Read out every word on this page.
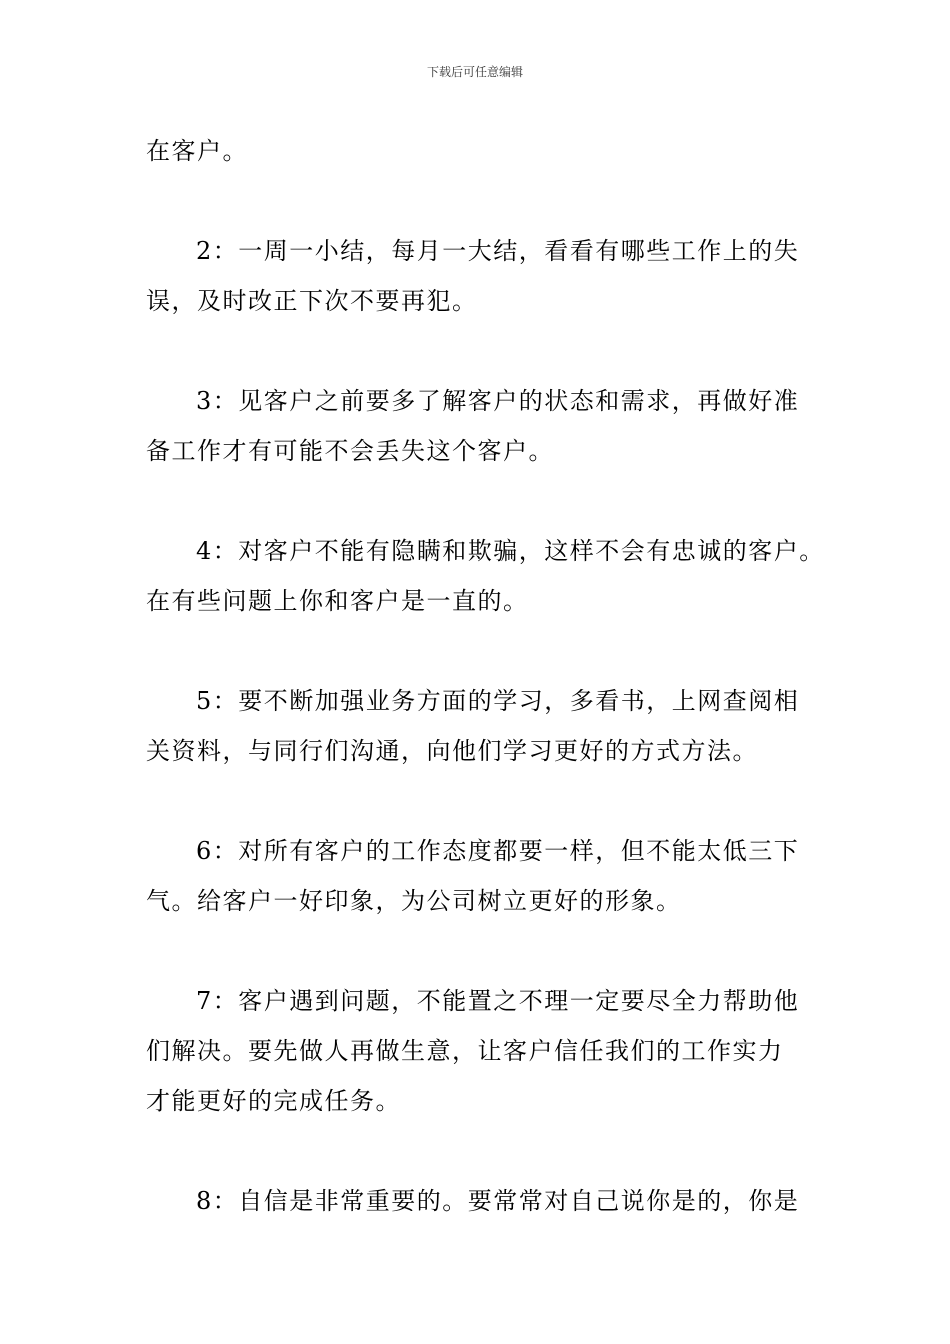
下载后可任意编辑
在客户。
2：一周一小结，每月一大结，看看有哪些工作上的失
误，及时改正下次不要再犯。
3：见客户之前要多了解客户的状态和需求，再做好准
备工作才有可能不会丢失这个客户。
4：对客户不能有隐瞒和欺骗，这样不会有忠诚的客户。
在有些问题上你和客户是一直的。
5：要不断加强业务方面的学习，多看书，上网查阅相
关资料，与同行们沟通，向他们学习更好的方式方法。
6：对所有客户的工作态度都要一样，但不能太低三下
气。给客户一好印象，为公司树立更好的形象。
7：客户遇到问题，不能置之不理一定要尽全力帮助他
们解决。要先做人再做生意，让客户信任我们的工作实力
才能更好的完成任务。
8：自信是非常重要的。要常常对自己说你是的，你是
